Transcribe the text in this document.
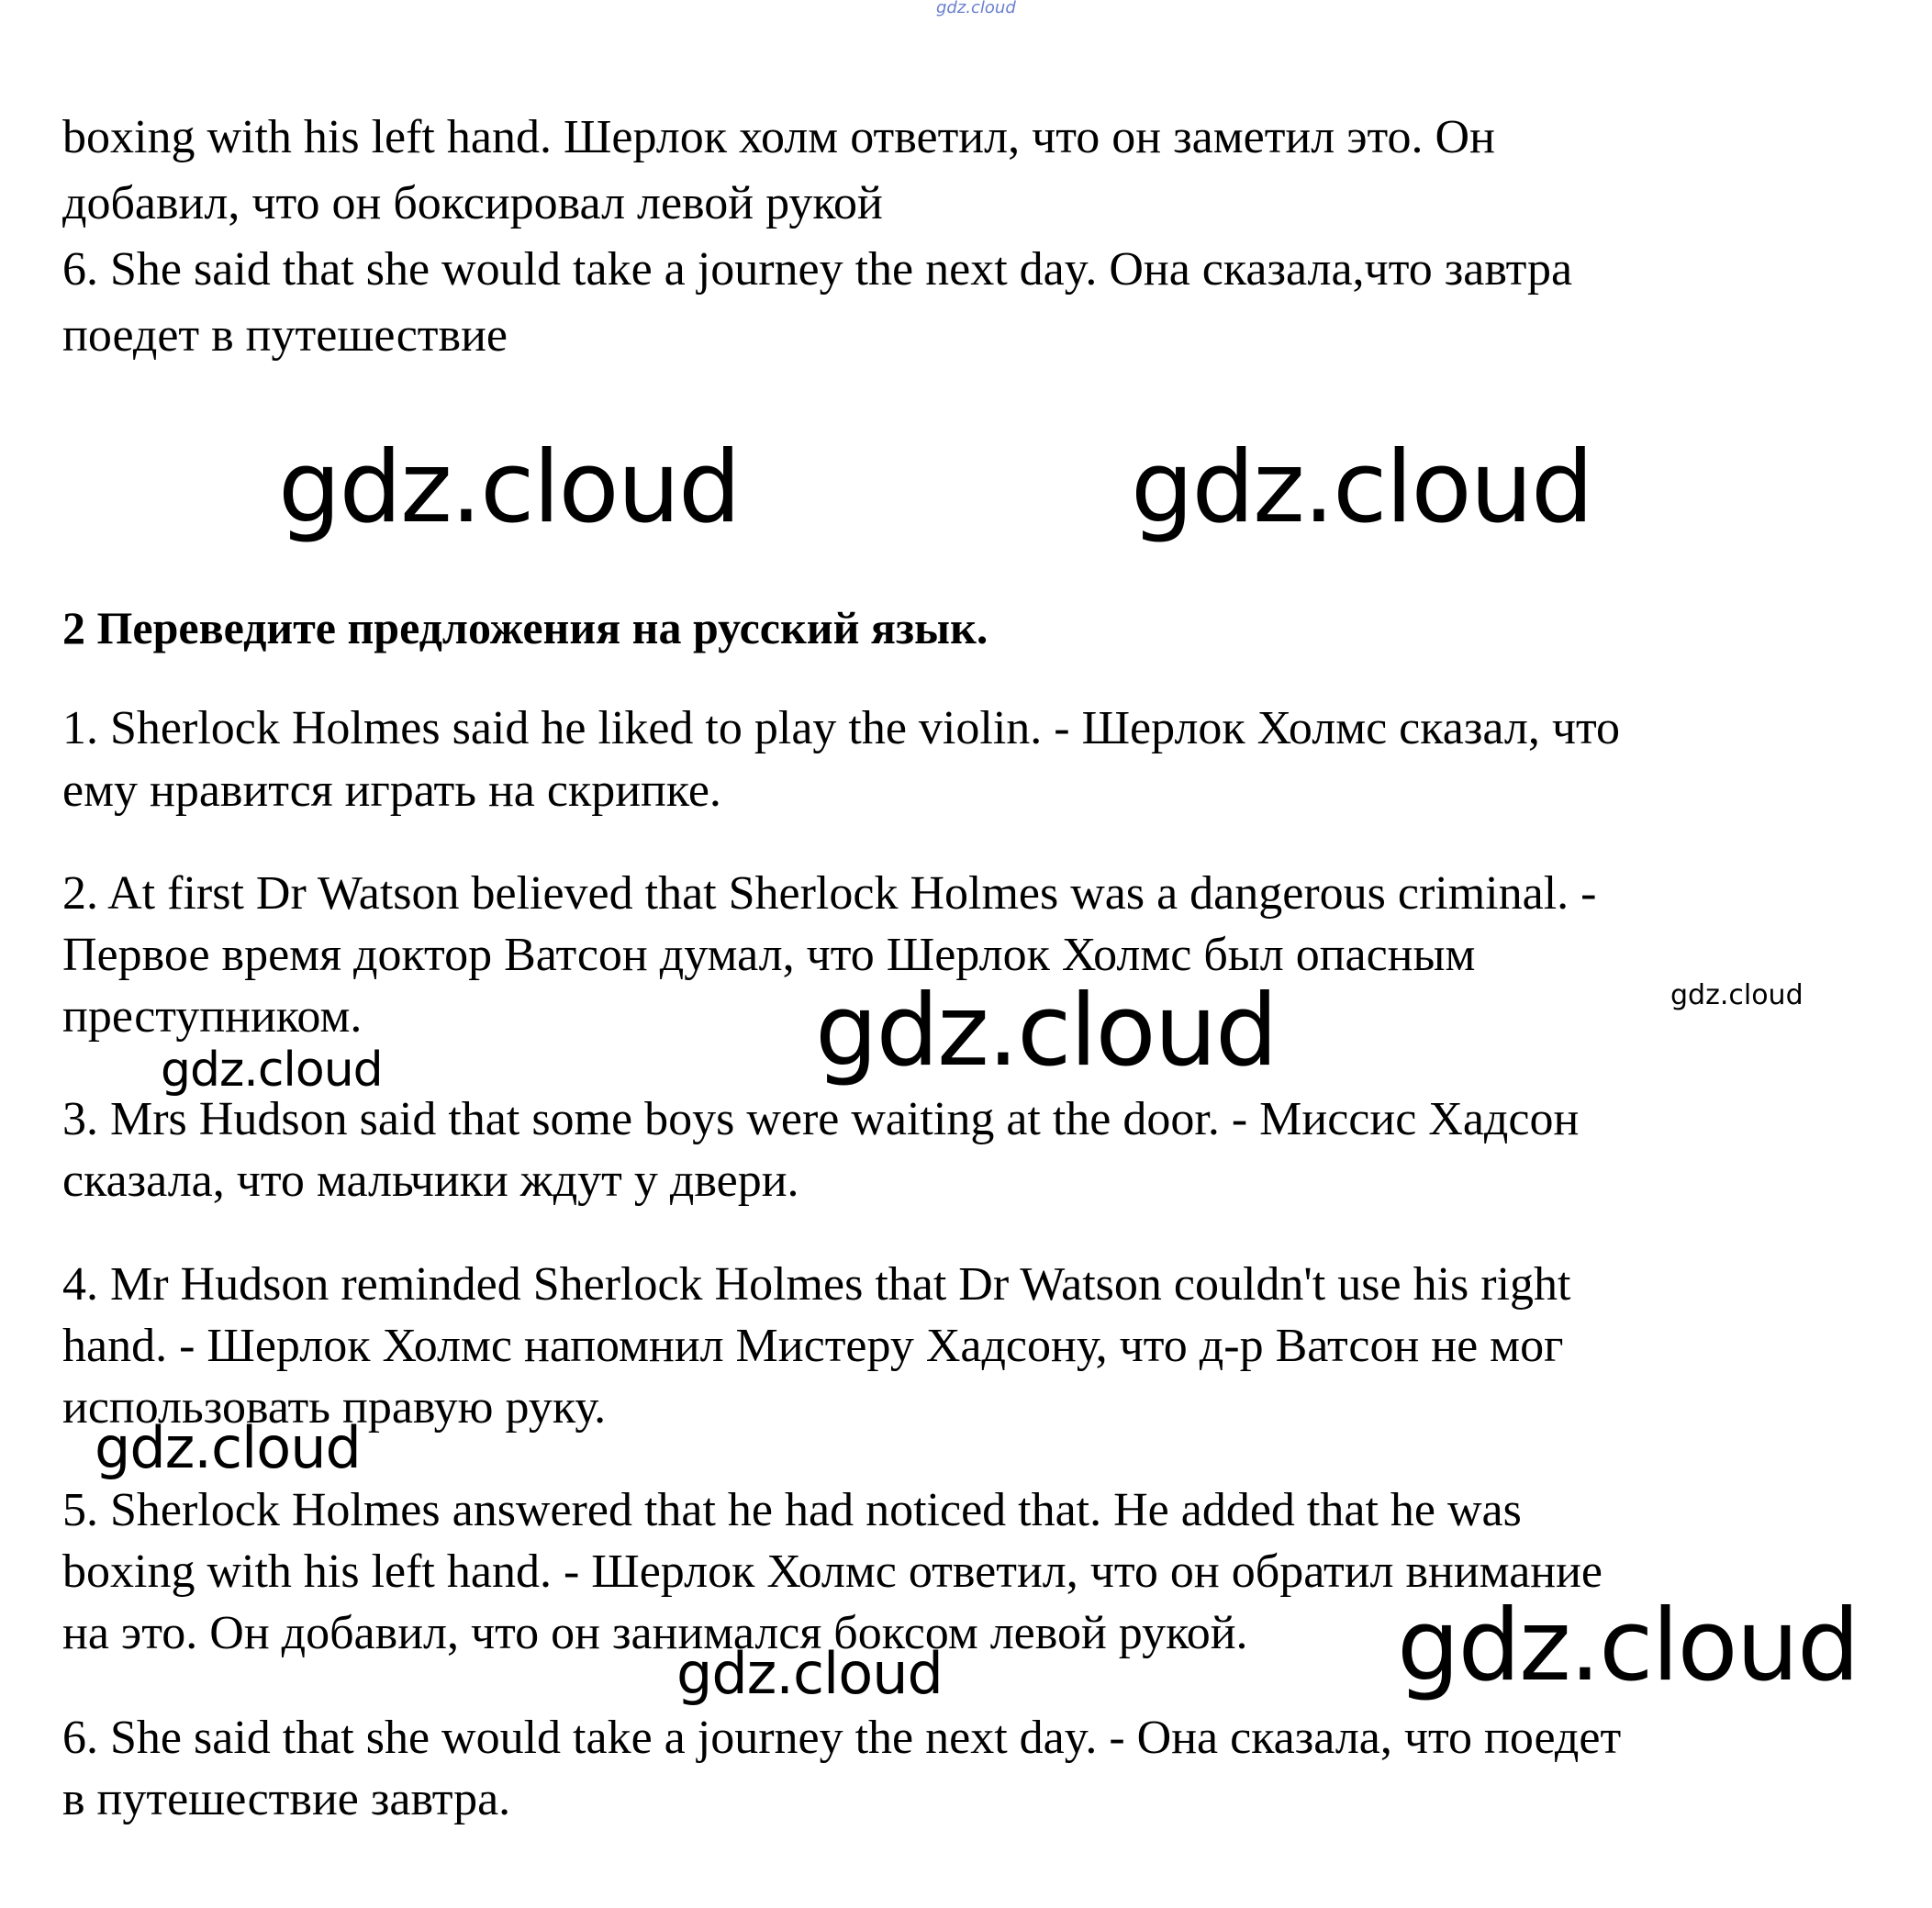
gdz.cloud
boxing with his left hand. Шерлок холм ответил, что он заметил это. Он
добавил, что он боксировал левой рукой
6. She said that she would take a journey the next day. Она сказала,что завтра
поедет в путешествие
gdz.cloud	gdz.cloud
2 Переведите предложения на русский язык.
1. Sherlock Holmes said he liked to play the violin. - Шерлок Холмс сказал, что
ему нравится играть на скрипке.
2. At first Dr Watson believed that Sherlock Holmes was a dangerous criminal. -
Первое время доктор Ватсон думал, что Шерлок Холмс был опасным
преступником.	gdz.cloud	gdz.cloud
gdz.cloud
3. Mrs Hudson said that some boys were waiting at the door. - Миссис Хадсон
сказала, что мальчики ждут у двери.
4. Mr Hudson reminded Sherlock Holmes that Dr Watson couldn't use his right
hand. - Шерлок Холмс напомнил Мистеру Хадсону, что д-р Ватсон не мог
использовать правую руку.
gdz.cloud
5. Sherlock Holmes answered that he had noticed that. He added that he was
boxing with his left hand. - Шерлок Холмс ответил, что он обратил внимание
на это. Он добавил, что он занимался боксом левой рукой. gdz.cloud
gdz.cloud
6. She said that she would take a journey the next day. - Она сказала, что поедет
в путешествие завтра.
